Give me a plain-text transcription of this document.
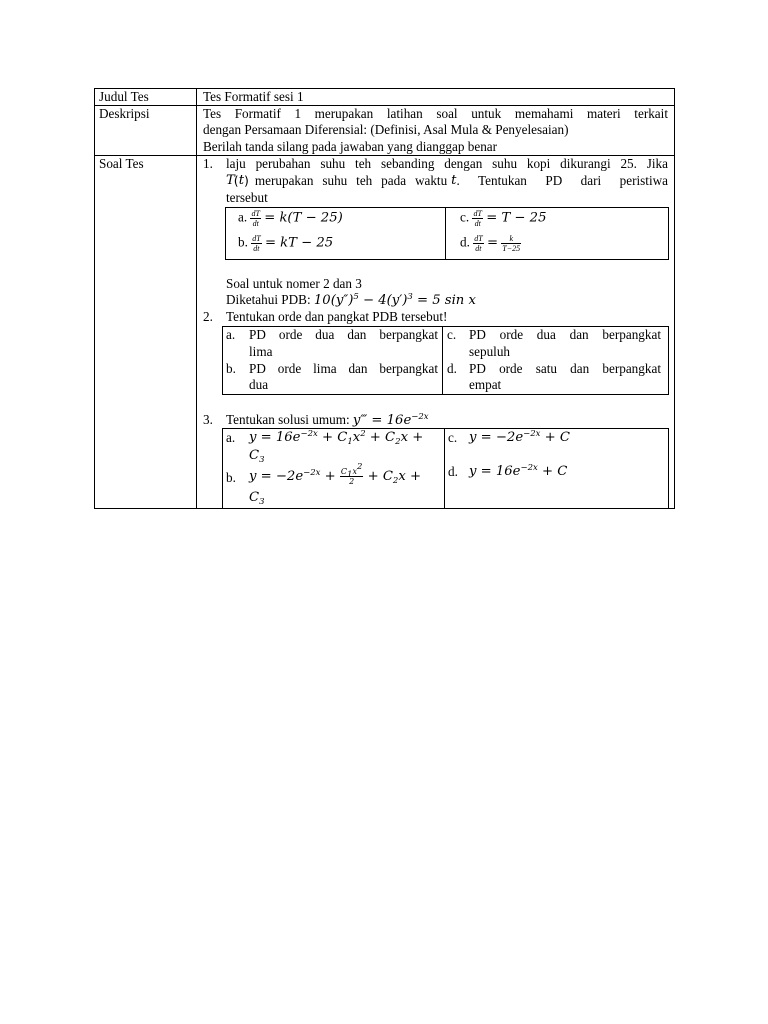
Judul Tes	Tes Formatif sesi 1
Deskripsi	Tes Formatif 1 merupakan latihan soal untuk memahami materi terkait
dengan Persamaan Diferensial: (Definisi, Asal Mula & Penyelesaian)
Berilah tanda silang pada jawaban yang dianggap benar
Soal Tes	1. laju perubahan suhu teh sebanding dengan suhu kopi dikurangi 25. Jika
T ( t ) merupakan suhu teh pada waktu t . Tentukan PD dari peristiwa
tersebut
a. $\frac{dT}{dt} = k(T - 25)$
b. $\frac{dT}{dt}$ = kT − 25
c. $\frac{dT}{dt} = T - 25$
d. $\frac{dT}{dt} = \frac{k}{T-25}$
Soal untuk nomer 2 dan 3
Diketahui PDB: $10(y'')^5 - 4(y')^3 = 5$ sin x
2. Tentukan orde dan pangkat PDB tersebut!
a. PD orde dua dan berpangkat
lima
b. PD orde lima dan berpangkat
dua
c. PD orde dua dan berpangkat
sepuluh
d. PD orde satu dan berpangkat
empat
3. Tentukan solusi umum: y‴ = $16e^{-2x}$
a. $y = 16e^{-2x} + C_1x^2 + C_2x$ +
$C_3$
b. $y = -2e^{-2x} + \frac{C_1x^2}{2} + C_2x$ +
$C_3$
c. $y = -2e^{-2x} + C$
d. $y = 16e^{-2x} + C$
